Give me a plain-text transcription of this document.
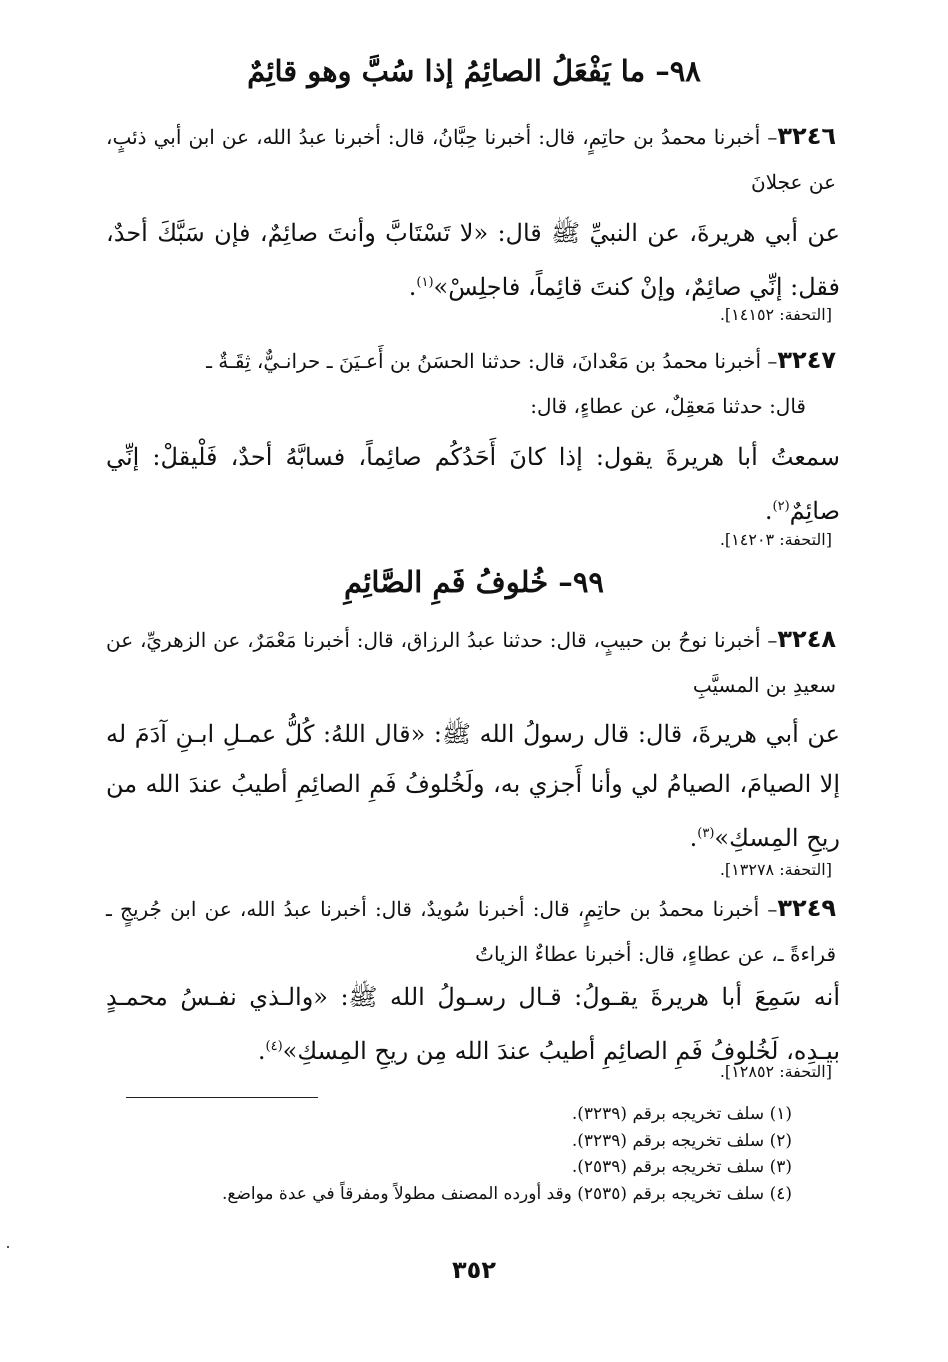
٩٨– ما يَفْعَلُ الصائِمُ إذا سُبَّ وهو قائِمٌ
٣٢٤٦– أخبرنا محمدُ بن حاتِمٍ، قال: أخبرنا حِبَّانُ، قال: أخبرنا عبدُ الله، عن ابن أبي ذئبٍ، عن عجلانَ
عن أبي هريرةَ، عن النبيِّ ﷺ قال: «لا تَسْتَابَّ وأنتَ صائِمٌ، فإن سَبَّكَ أحدٌ، فقل: إنِّي صائِمٌ، وإنْ كنتَ قائِماً، فاجلِسْ»$^{(١)}$.
[التحفة: ١٤١٥٢].
٣٢٤٧– أخبرنا محمدُ بن مَعْدانَ، قال: حدثنا الحسَنُ بن أَعـيَنَ ـ حرانـيٌّ، ثِقَـةٌ ـ
قال: حدثنا مَعقِلٌ، عن عطاءٍ، قال:
سمعتُ أبا هريرةَ يقول: إذا كانَ أَحَدُكُم صائِماً، فسابَّهُ أحدٌ، فَلْيقلْ: إنِّي صائِمٌ$^{(٢)}$.
[التحفة: ١٤٢٠٣].
٩٩– خُلوفُ فَمِ الصَّائِمِ
٣٢٤٨– أخبرنا نوحُ بن حبيبٍ، قال: حدثنا عبدُ الرزاق، قال: أخبرنا مَعْمَرٌ، عن الزهريِّ، عن سعيدِ بن المسيَّبِ
عن أبي هريرةَ، قال: قال رسولُ الله ﷺ: «قال اللهُ: كُلُّ عمـلِ ابـنِ آدَمَ له إلا الصيامَ، الصيامُ لي وأنا أَجزي به، ولَخُلوفُ فَمِ الصائِمِ أطيبُ عندَ الله من ريحِ المِسكِ»$^{(٣)}$.
[التحفة: ١٣٢٧٨].
٣٢٤٩– أخبرنا محمدُ بن حاتِمٍ، قال: أخبرنا سُويدٌ، قال: أخبرنا عبدُ الله، عن ابن جُريجٍ ـ قراءةً ـ، عن عطاءٍ، قال: أخبرنا عطاءٌ الزياتُ
أنه سَمِعَ أبا هريرةَ يقـولُ: قـال رسـولُ الله ﷺ: «والـذي نفـسُ محمـدٍ بيـدِه، لَخُلوفُ فَمِ الصائِمِ أطيبُ عندَ الله مِن ريحِ المِسكِ»$^{(٤)}$.
[التحفة: ١٢٨٥٢].
(١) سلف تخريجه برقم (٣٢٣٩).
(٢) سلف تخريجه برقم (٣٢٣٩).
(٣) سلف تخريجه برقم (٢٥٣٩).
(٤) سلف تخريجه برقم (٢٥٣٥) وقد أورده المصنف مطولاً ومفرقاً في عدة مواضع.
٣٥٢
